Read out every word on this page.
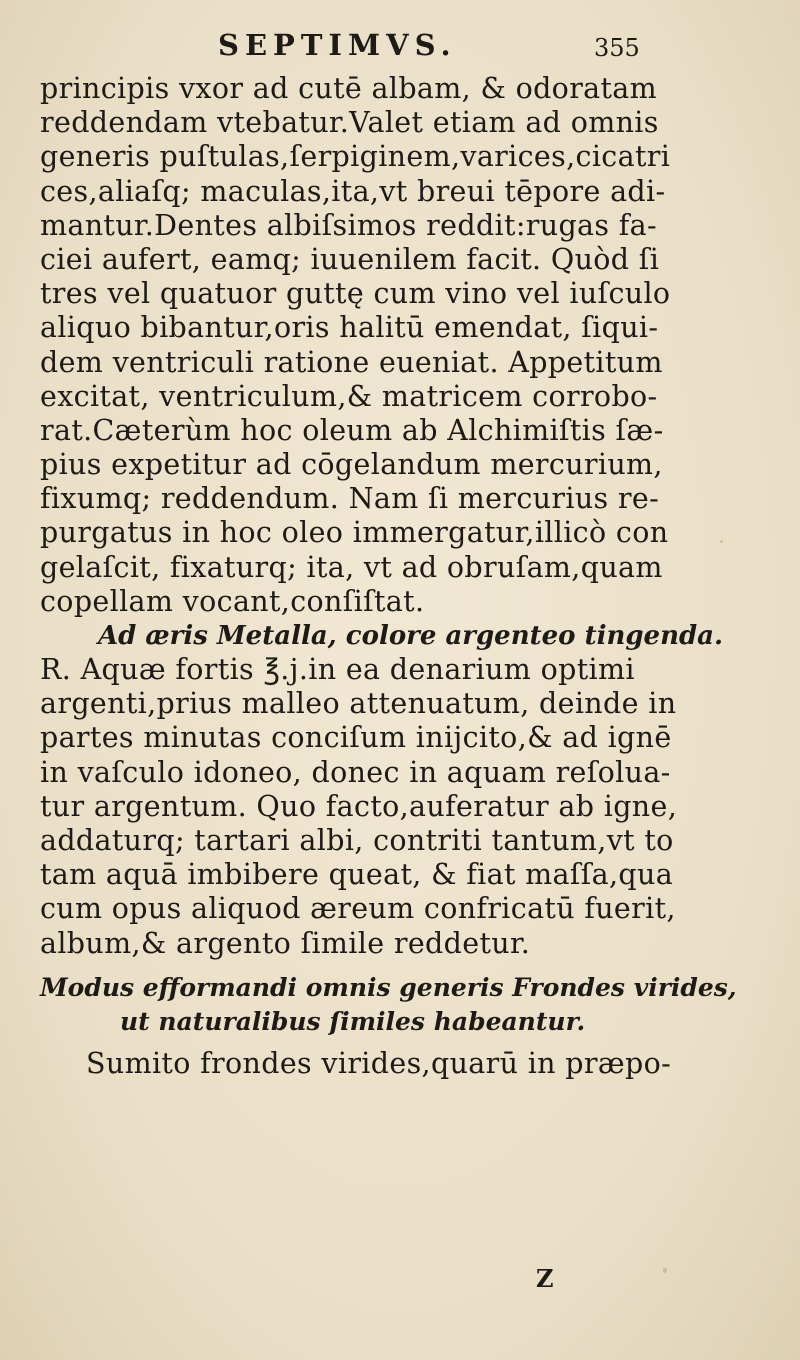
SEPTIMVS.	355
principis vxor ad cutē albam, & odoratam
reddendam vtebatur.Valet etiam ad omnis
generis puſtulas,ſerpiginem,varices,cicatri
ces,aliaſq; maculas,ita,vt breui tēpore adi-
mantur.Dentes albiſsimos reddit:rugas fa-
ciei aufert, eamq; iuuenilem facit. Quòd ſi
tres vel quatuor guttę cum vino vel iuſculo
aliquo bibantur,oris halitū emendat, ſiqui-
dem ventriculi ratione eueniat. Appetitum
excitat, ventriculum,& matricem corrobo-
rat.Cæterùm hoc oleum ab Alchimiſtis ſæ-
pius expetitur ad cōgelandum mercurium,
fixumq; reddendum. Nam ſi mercurius re-
purgatus in hoc oleo immergatur,illicò con
gelaſcit, fixaturq; ita, vt ad obruſam,quam
copellam vocant,conſiſtat.
Ad æris Metalla, colore argenteo tingenda.
R. Aquæ fortis ℥.j.in ea denarium optimi
argenti,prius malleo attenuatum, deinde in
partes minutas conciſum inijcito,& ad ignē
in vaſculo idoneo, donec in aquam reſolua-
tur argentum. Quo facto,auferatur ab igne,
addaturq; tartari albi, contriti tantum,vt to
tam aquā imbibere queat, & fiat maſſa,qua
cum opus aliquod æreum confricatū fuerit,
album,& argento ſimile reddetur.
Modus efformandi omnis generis Frondes virides,
ut naturalibus ſimiles habeantur.
Sumito frondes virides,quarū in præpo-
Z
